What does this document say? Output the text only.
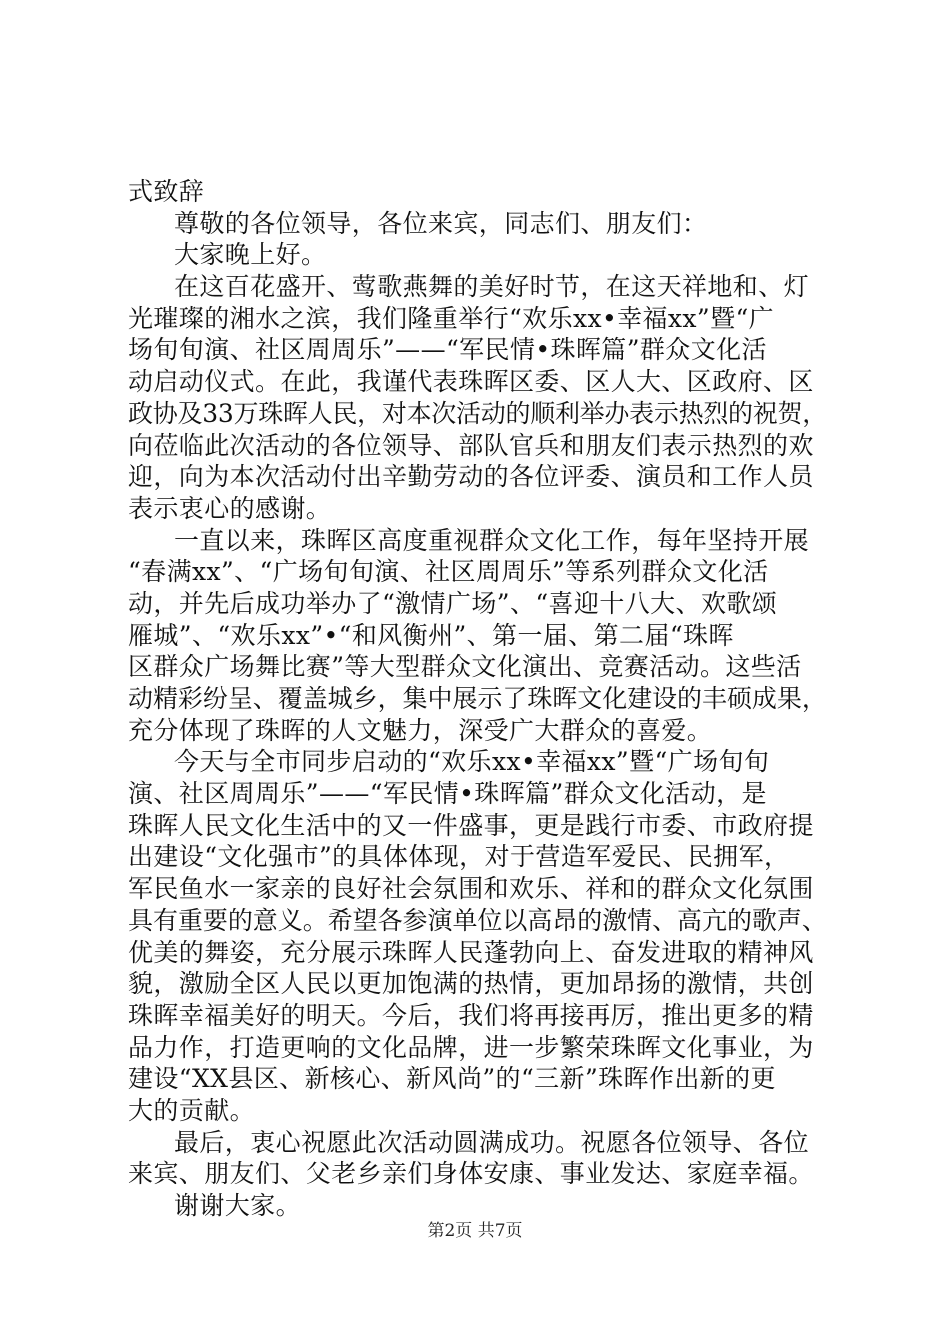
式致辞
尊敬的各位领导，各位来宾，同志们、朋友们：
大家晚上好。
在这百花盛开、莺歌燕舞的美好时节，在这天祥地和、灯
光璀璨的湘水之滨，我们隆重举行“欢乐xx•幸福xx”暨“广
场旬旬演、社区周周乐”——“军民情•珠晖篇”群众文化活
动启动仪式。在此，我谨代表珠晖区委、区人大、区政府、区
政协及33万珠晖人民，对本次活动的顺利举办表示热烈的祝贺，
向莅临此次活动的各位领导、部队官兵和朋友们表示热烈的欢
迎，向为本次活动付出辛勤劳动的各位评委、演员和工作人员
表示衷心的感谢。
一直以来，珠晖区高度重视群众文化工作，每年坚持开展
“春满xx”、“广场旬旬演、社区周周乐”等系列群众文化活
动，并先后成功举办了“激情广场”、“喜迎十八大、欢歌颂
雁城”、“欢乐xx”•“和风衡州”、第一届、第二届“珠晖
区群众广场舞比赛”等大型群众文化演出、竞赛活动。这些活
动精彩纷呈、覆盖城乡，集中展示了珠晖文化建设的丰硕成果，
充分体现了珠晖的人文魅力，深受广大群众的喜爱。
今天与全市同步启动的“欢乐xx•幸福xx”暨“广场旬旬
演、社区周周乐”——“军民情•珠晖篇”群众文化活动，是
珠晖人民文化生活中的又一件盛事，更是践行市委、市政府提
出建设“文化强市”的具体体现，对于营造军爱民、民拥军，
军民鱼水一家亲的良好社会氛围和欢乐、祥和的群众文化氛围
具有重要的意义。希望各参演单位以高昂的激情、高亢的歌声、
优美的舞姿，充分展示珠晖人民蓬勃向上、奋发进取的精神风
貌，激励全区人民以更加饱满的热情，更加昂扬的激情，共创
珠晖幸福美好的明天。今后，我们将再接再厉，推出更多的精
品力作，打造更响的文化品牌，进一步繁荣珠晖文化事业，为
建设“XX县区、新核心、新风尚”的“三新”珠晖作出新的更
大的贡献。
最后，衷心祝愿此次活动圆满成功。祝愿各位领导、各位
来宾、朋友们、父老乡亲们身体安康、事业发达、家庭幸福。
谢谢大家。
第2页 共7页
